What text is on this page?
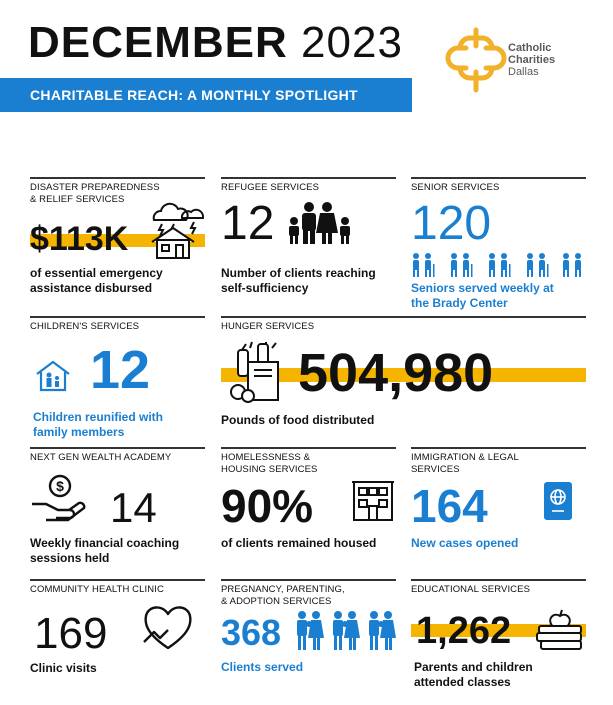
DECEMBER 2023
CHARITABLE REACH: A MONTHLY SPOTLIGHT
Catholic
Charities
Dallas
DISASTER PREPAREDNESS
& RELIEF SERVICES
$113K
of essential emergency
assistance disbursed
REFUGEE SERVICES
12
Number of clients reaching
self-sufficiency
SENIOR SERVICES
120
Seniors served weekly at
the Brady Center
CHILDREN'S SERVICES
12
Children reunified with
family members
HUNGER SERVICES
504,980
Pounds of food distributed
NEXT GEN WEALTH ACADEMY
$ 14
Weekly financial coaching
sessions held
HOMELESSNESS &
HOUSING SERVICES
90%
of clients remained housed
IMMIGRATION & LEGAL
SERVICES
164
New cases opened
COMMUNITY HEALTH CLINIC
169
Clinic visits
PREGNANCY, PARENTING,
& ADOPTION SERVICES
368
Clients served
EDUCATIONAL SERVICES
1,262
Parents and children
attended classes
